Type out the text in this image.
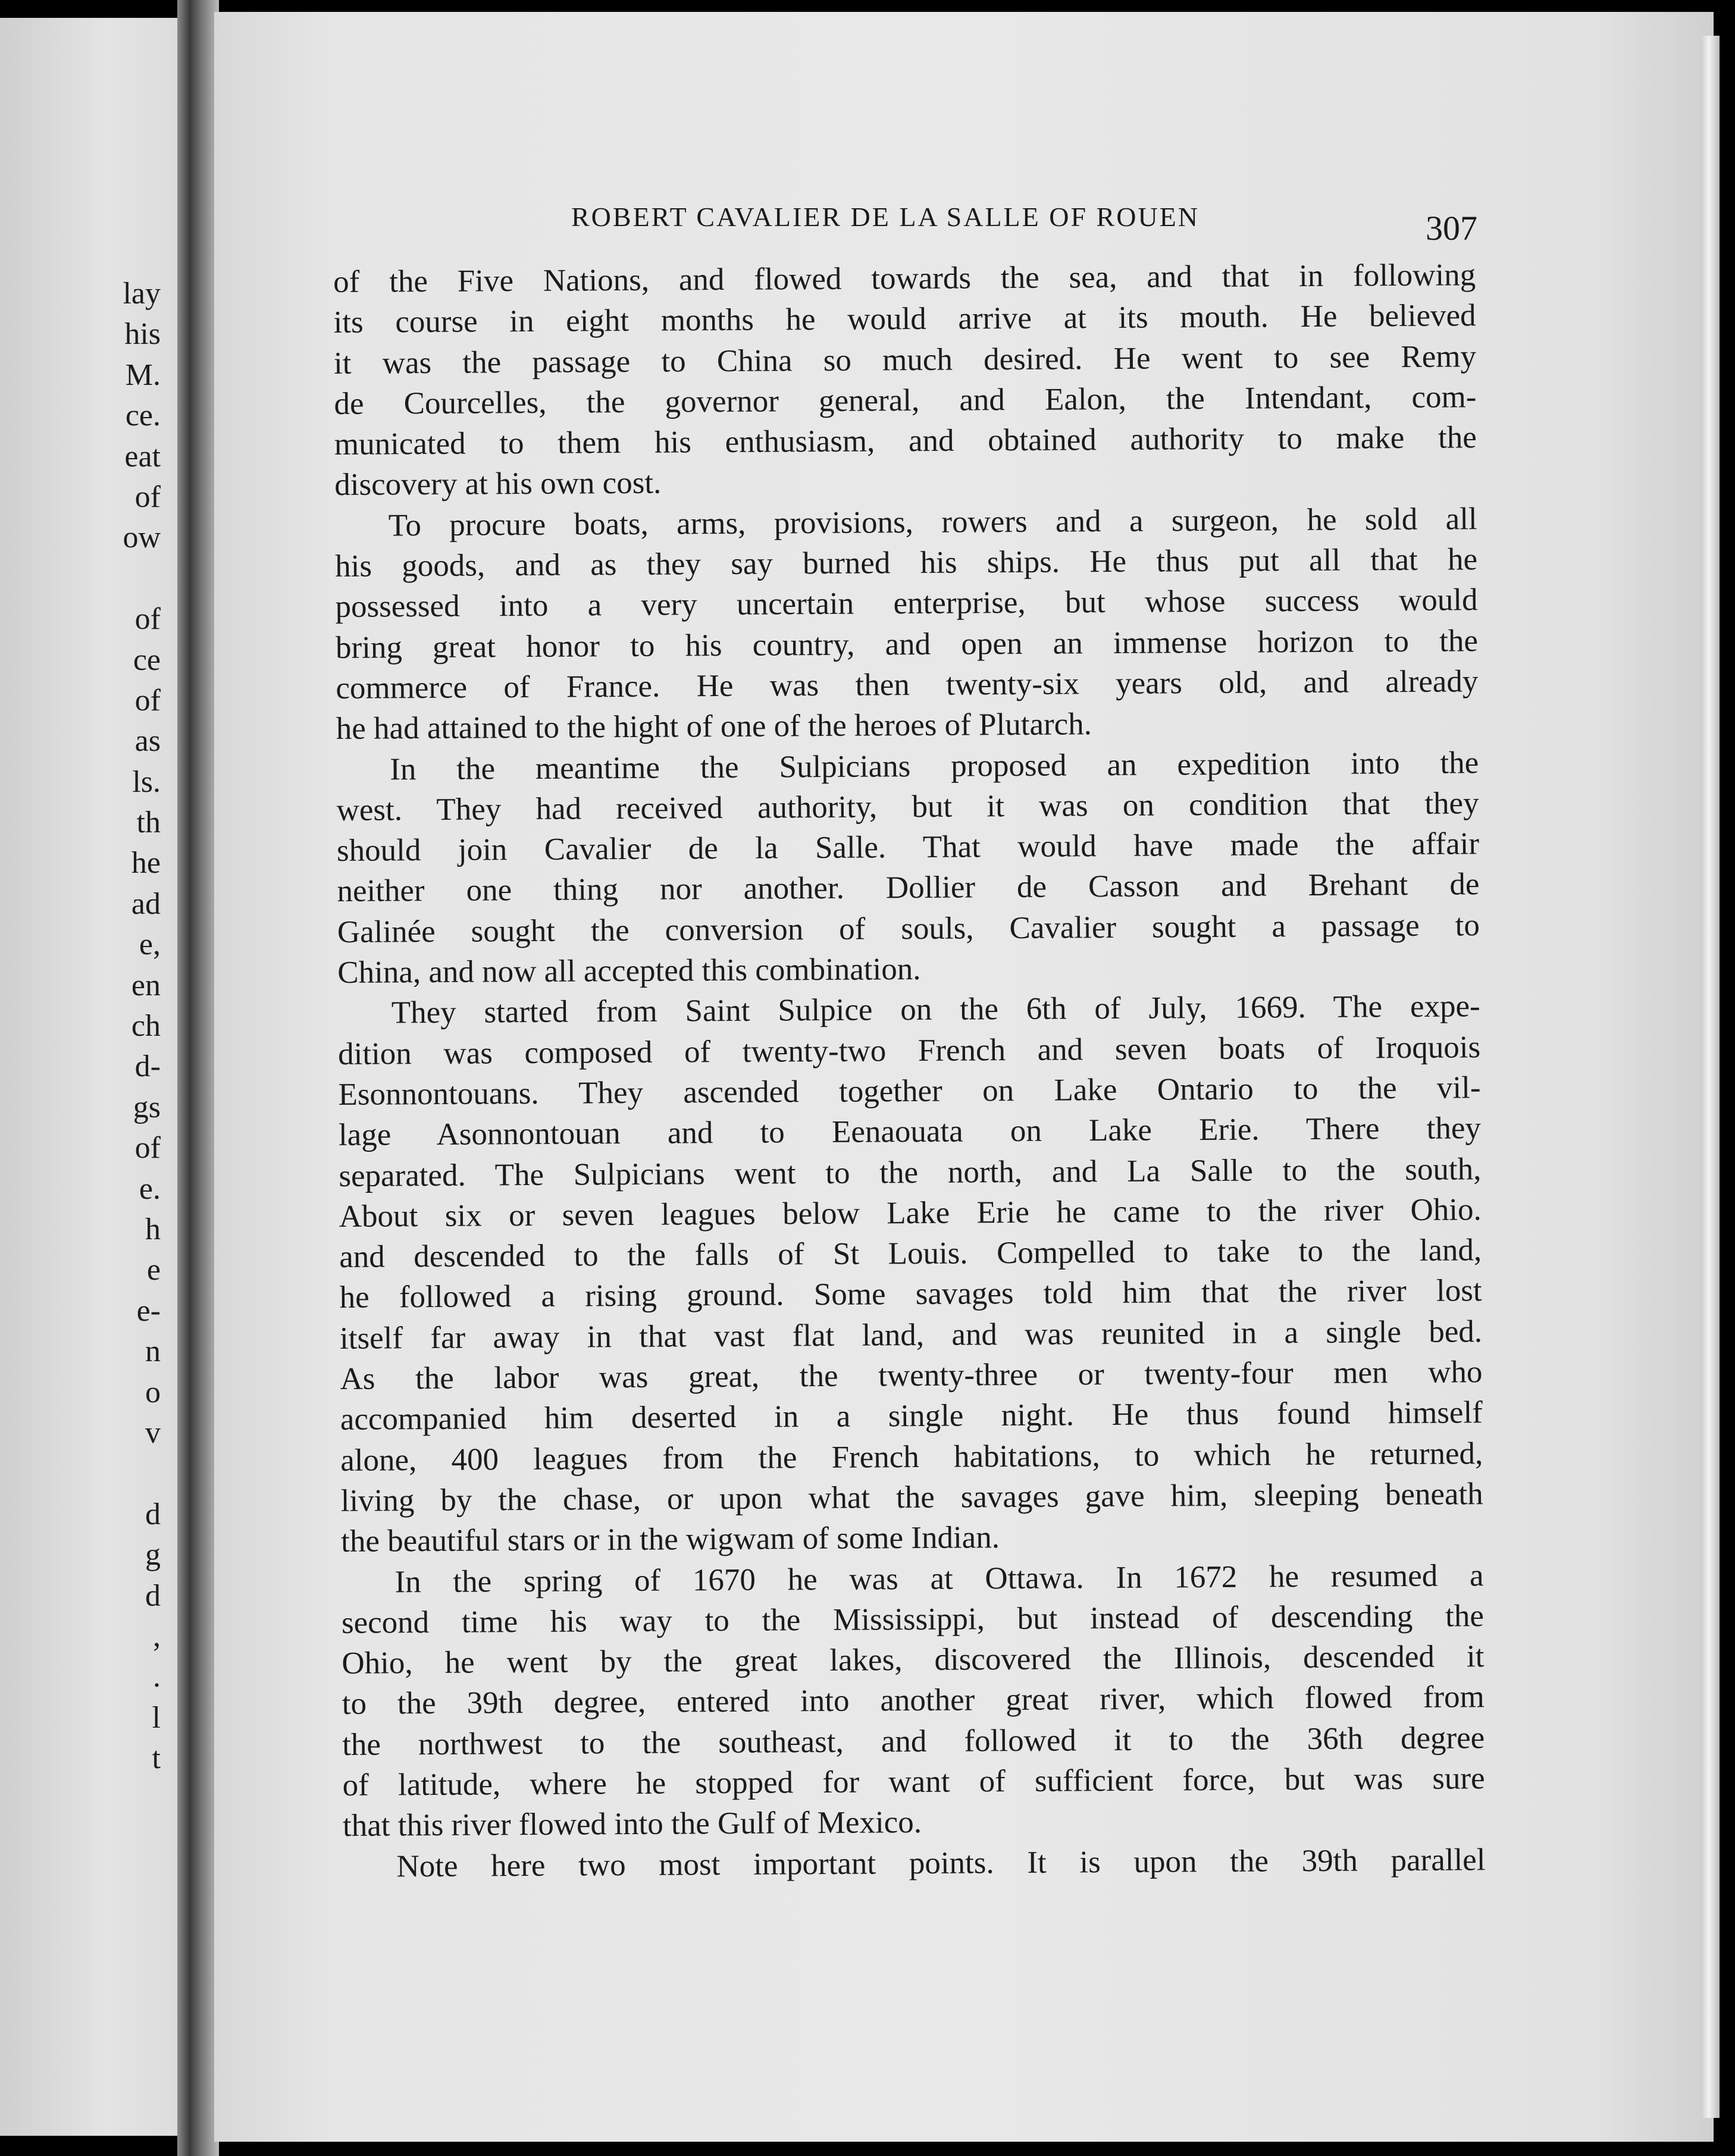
lay
his
M.
ce.
eat
of
ow
of
ce
of
as
ls.
th
he
ad
e,
en
ch
d-
gs
of
e.
h
e
e-
n
o
v
d
g
d
,
.
l
t
ROBERT CAVALIER DE LA SALLE OF ROUEN	307
of the Five Nations, and flowed towards the sea, and that in following
its course in eight months he would arrive at its mouth. He believed
it was the passage to China so much desired. He went to see Remy
de Courcelles, the governor general, and Ealon, the Intendant, com-
municated to them his enthusiasm, and obtained authority to make the
discovery at his own cost.
To procure boats, arms, provisions, rowers and a surgeon, he sold all
his goods, and as they say burned his ships. He thus put all that he
possessed into a very uncertain enterprise, but whose success would
bring great honor to his country, and open an immense horizon to the
commerce of France. He was then twenty-six years old, and already
he had attained to the hight of one of the heroes of Plutarch.
In the meantime the Sulpicians proposed an expedition into the
west. They had received authority, but it was on condition that they
should join Cavalier de la Salle. That would have made the affair
neither one thing nor another. Dollier de Casson and Brehant de
Galinée sought the conversion of souls, Cavalier sought a passage to
China, and now all accepted this combination.
They started from Saint Sulpice on the 6th of July, 1669. The expe-
dition was composed of twenty-two French and seven boats of Iroquois
Esonnontouans. They ascended together on Lake Ontario to the vil-
lage Asonnontouan and to Eenaouata on Lake Erie. There they
separated. The Sulpicians went to the north, and La Salle to the south,
About six or seven leagues below Lake Erie he came to the river Ohio.
and descended to the falls of St Louis. Compelled to take to the land,
he followed a rising ground. Some savages told him that the river lost
itself far away in that vast flat land, and was reunited in a single bed.
As the labor was great, the twenty-three or twenty-four men who
accompanied him deserted in a single night. He thus found himself
alone, 400 leagues from the French habitations, to which he returned,
living by the chase, or upon what the savages gave him, sleeping beneath
the beautiful stars or in the wigwam of some Indian.
In the spring of 1670 he was at Ottawa. In 1672 he resumed a
second time his way to the Mississippi, but instead of descending the
Ohio, he went by the great lakes, discovered the Illinois, descended it
to the 39th degree, entered into another great river, which flowed from
the northwest to the southeast, and followed it to the 36th degree
of latitude, where he stopped for want of sufficient force, but was sure
that this river flowed into the Gulf of Mexico.
Note here two most important points. It is upon the 39th parallel
